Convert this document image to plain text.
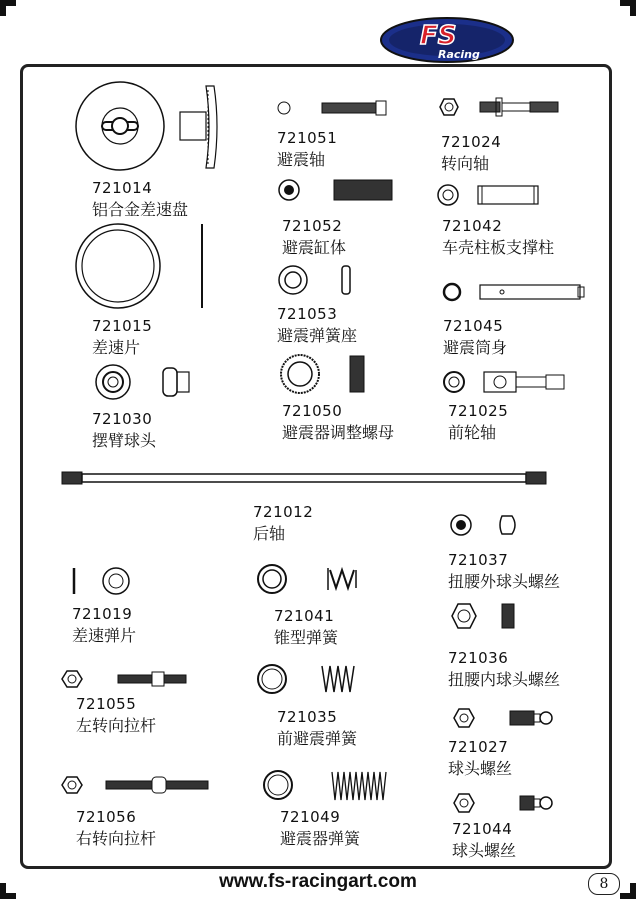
FS
Racing
721014
铝合金差速盘
721051
避震轴
721024
转向轴
721052
避震缸体
721042
车壳柱板支撑柱
721015
差速片
721053
避震弹簧座	721045
避震筒身
721030
摆臂球头
721050
避震器调整螺母
721025
前轮轴
721012
后轴
721037
扭腰外球头螺丝
721019
差速弹片
721041
锥型弹簧
721036
扭腰内球头螺丝
721055
左转向拉杆	721035
前避震弹簧	721027
球头螺丝
721056
右转向拉杆
721049
避震器弹簧	721044
球头螺丝
www.fs-racingart.com	8
